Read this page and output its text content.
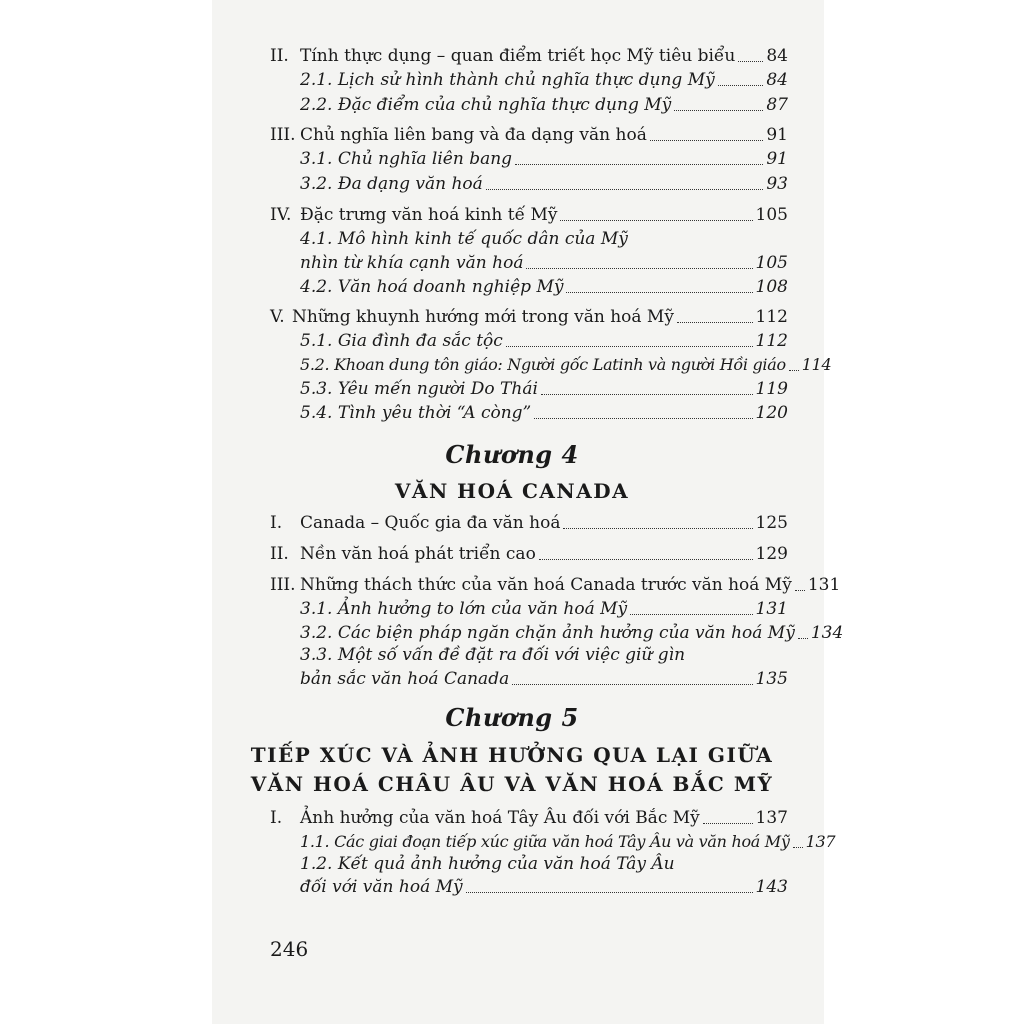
II. Tính thực dụng – quan điểm triết học Mỹ tiêu biểu 84
2.1. Lịch sử hình thành chủ nghĩa thực dụng Mỹ	84
2.2. Đặc điểm của chủ nghĩa thực dụng Mỹ	87
III. Chủ nghĩa liên bang và đa dạng văn hoá	91
3.1. Chủ nghĩa liên bang	91
3.2. Đa dạng văn hoá	93
IV. Đặc trưng văn hoá kinh tế Mỹ	105
4.1. Mô hình kinh tế quốc dân của Mỹ
nhìn từ khía cạnh văn hoá	105
4.2. Văn hoá doanh nghiệp Mỹ	108
V. Những khuynh hướng mới trong văn hoá Mỹ	112
5.1. Gia đình đa sắc tộc	112
5.2. Khoan dung tôn giáo: Người gốc Latinh và người Hồi giáo 114
5.3. Yêu mến người Do Thái	119
5.4. Tình yêu thời “A còng”	120
Chương 4
VĂN HOÁ CANADA
I.	Canada – Quốc gia đa văn hoá	125
II. Nền văn hoá phát triển cao	129
III. Những thách thức của văn hoá Canada trước văn hoá Mỹ 131
3.1. Ảnh hưởng to lớn của văn hoá Mỹ	131
3.2. Các biện pháp ngăn chặn ảnh hưởng của văn hoá Mỹ 134
3.3. Một số vấn đề đặt ra đối với việc giữ gìn
bản sắc văn hoá Canada	135
Chương 5
TIẾP XÚC VÀ ẢNH HƯỞNG QUA LẠI GIỮA
VĂN HOÁ CHÂU ÂU VÀ VĂN HOÁ BẮC MỸ
I.	Ảnh hưởng của văn hoá Tây Âu đối với Bắc Mỹ	137
1.1. Các giai đoạn tiếp xúc giữa văn hoá Tây Âu và văn hoá Mỹ 137
1.2. Kết quả ảnh hưởng của văn hoá Tây Âu
đối với văn hoá Mỹ	143
246
